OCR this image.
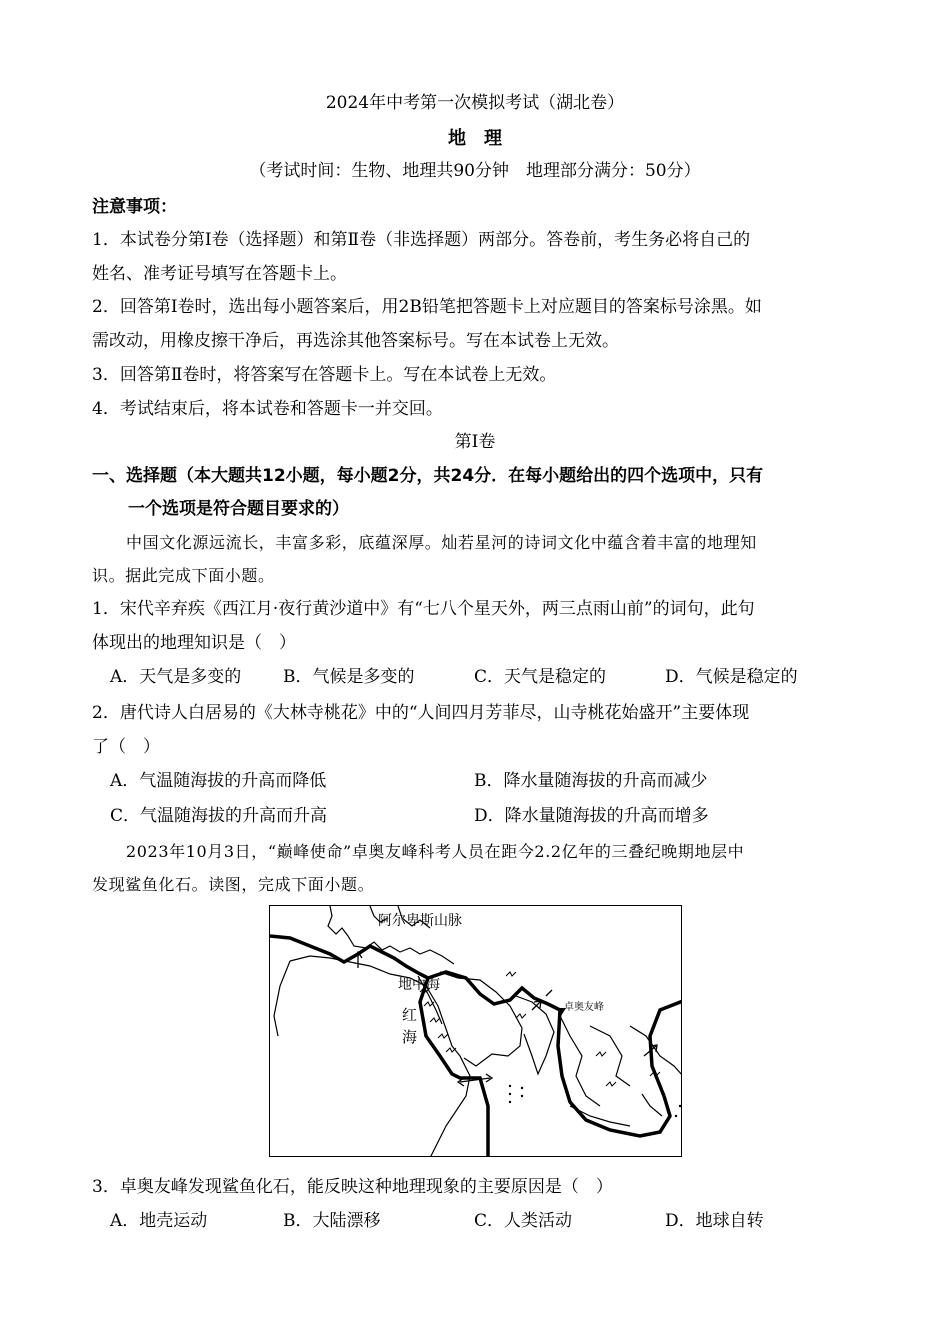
2024年中考第一次模拟考试（湖北卷）
地　理
（考试时间：生物、地理共90分钟　地理部分满分：50分）
注意事项：
1．本试卷分第Ⅰ卷（选择题）和第Ⅱ卷（非选择题）两部分。答卷前，考生务必将自己的
姓名、准考证号填写在答题卡上。
2．回答第Ⅰ卷时，选出每小题答案后，用2B铅笔把答题卡上对应题目的答案标号涂黑。如
需改动，用橡皮擦干净后，再选涂其他答案标号。写在本试卷上无效。
3．回答第Ⅱ卷时，将答案写在答题卡上。写在本试卷上无效。
4．考试结束后，将本试卷和答题卡一并交回。
第Ⅰ卷
一、选择题（本大题共12小题，每小题2分，共24分．在每小题给出的四个选项中，只有
一个选项是符合题目要求的）
中国文化源远流长，丰富多彩，底蕴深厚。灿若星河的诗词文化中蕴含着丰富的地理知
识。据此完成下面小题。
1．宋代辛弃疾《西江月·夜行黄沙道中》有“七八个星天外，两三点雨山前”的词句，此句
体现出的地理知识是（　）
A．天气是多变的 B．气候是多变的	C．天气是稳定的	D．气候是稳定的
2．唐代诗人白居易的《大林寺桃花》中的“人间四月芳菲尽，山寺桃花始盛开”主要体现
了（　）
A．气温随海拔的升高而降低	B．降水量随海拔的升高而减少
C．气温随海拔的升高而升高	D．降水量随海拔的升高而增多
2023年10月3日，“巅峰使命”卓奥友峰科考人员在距今2.2亿年的三叠纪晚期地层中
发现鲨鱼化石。读图，完成下面小题。
阿尔卑斯山脉
地中海
红
海
卓奥友峰
3．卓奥友峰发现鲨鱼化石，能反映这种地理现象的主要原因是（　）
A．地壳运动	B．大陆漂移	C．人类活动	D．地球自转
